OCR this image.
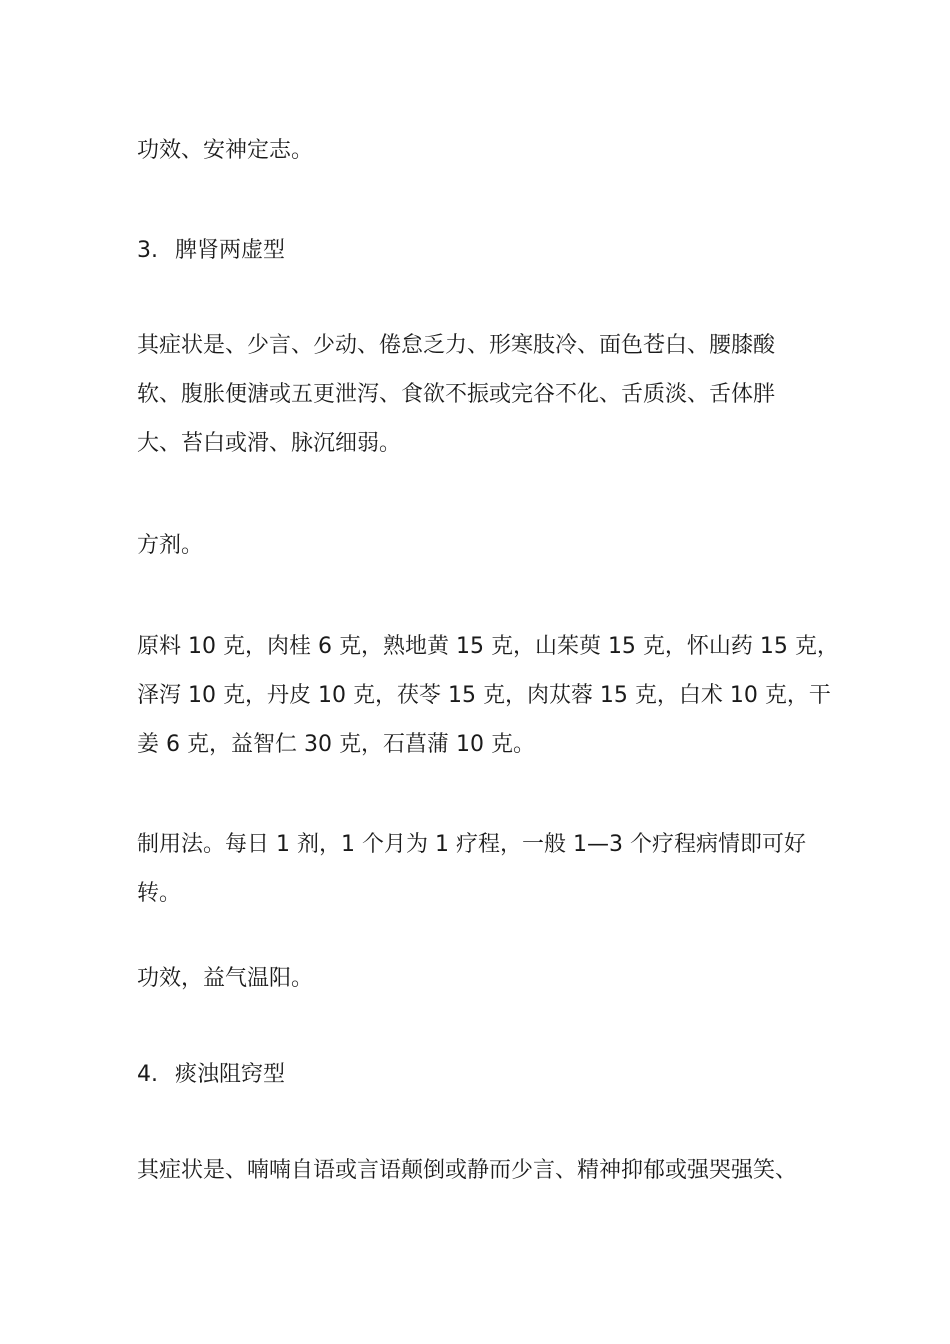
功效、安神定志。

3. 脾肾两虚型

其症状是、少言、少动、倦怠乏力、形寒肢冷、面色苍白、腰膝酸
软、腹胀便溏或五更泄泻、食欲不振或完谷不化、舌质淡、舌体胖
大、苔白或滑、脉沉细弱。

方剂。

原料 10 克，肉桂 6 克，熟地黄 15 克，山茱萸 15 克，怀山药 15 克，
泽泻 10 克，丹皮 10 克，茯苓 15 克，肉苁蓉 15 克，白术 10 克，干
姜 6 克，益智仁 30 克，石菖蒲 10 克。

制用法。每日 1 剂，1 个月为 1 疗程，一般 1—3 个疗程病情即可好
转。

功效，益气温阳。

4. 痰浊阻窍型

其症状是、喃喃自语或言语颠倒或静而少言、精神抑郁或强哭强笑、
